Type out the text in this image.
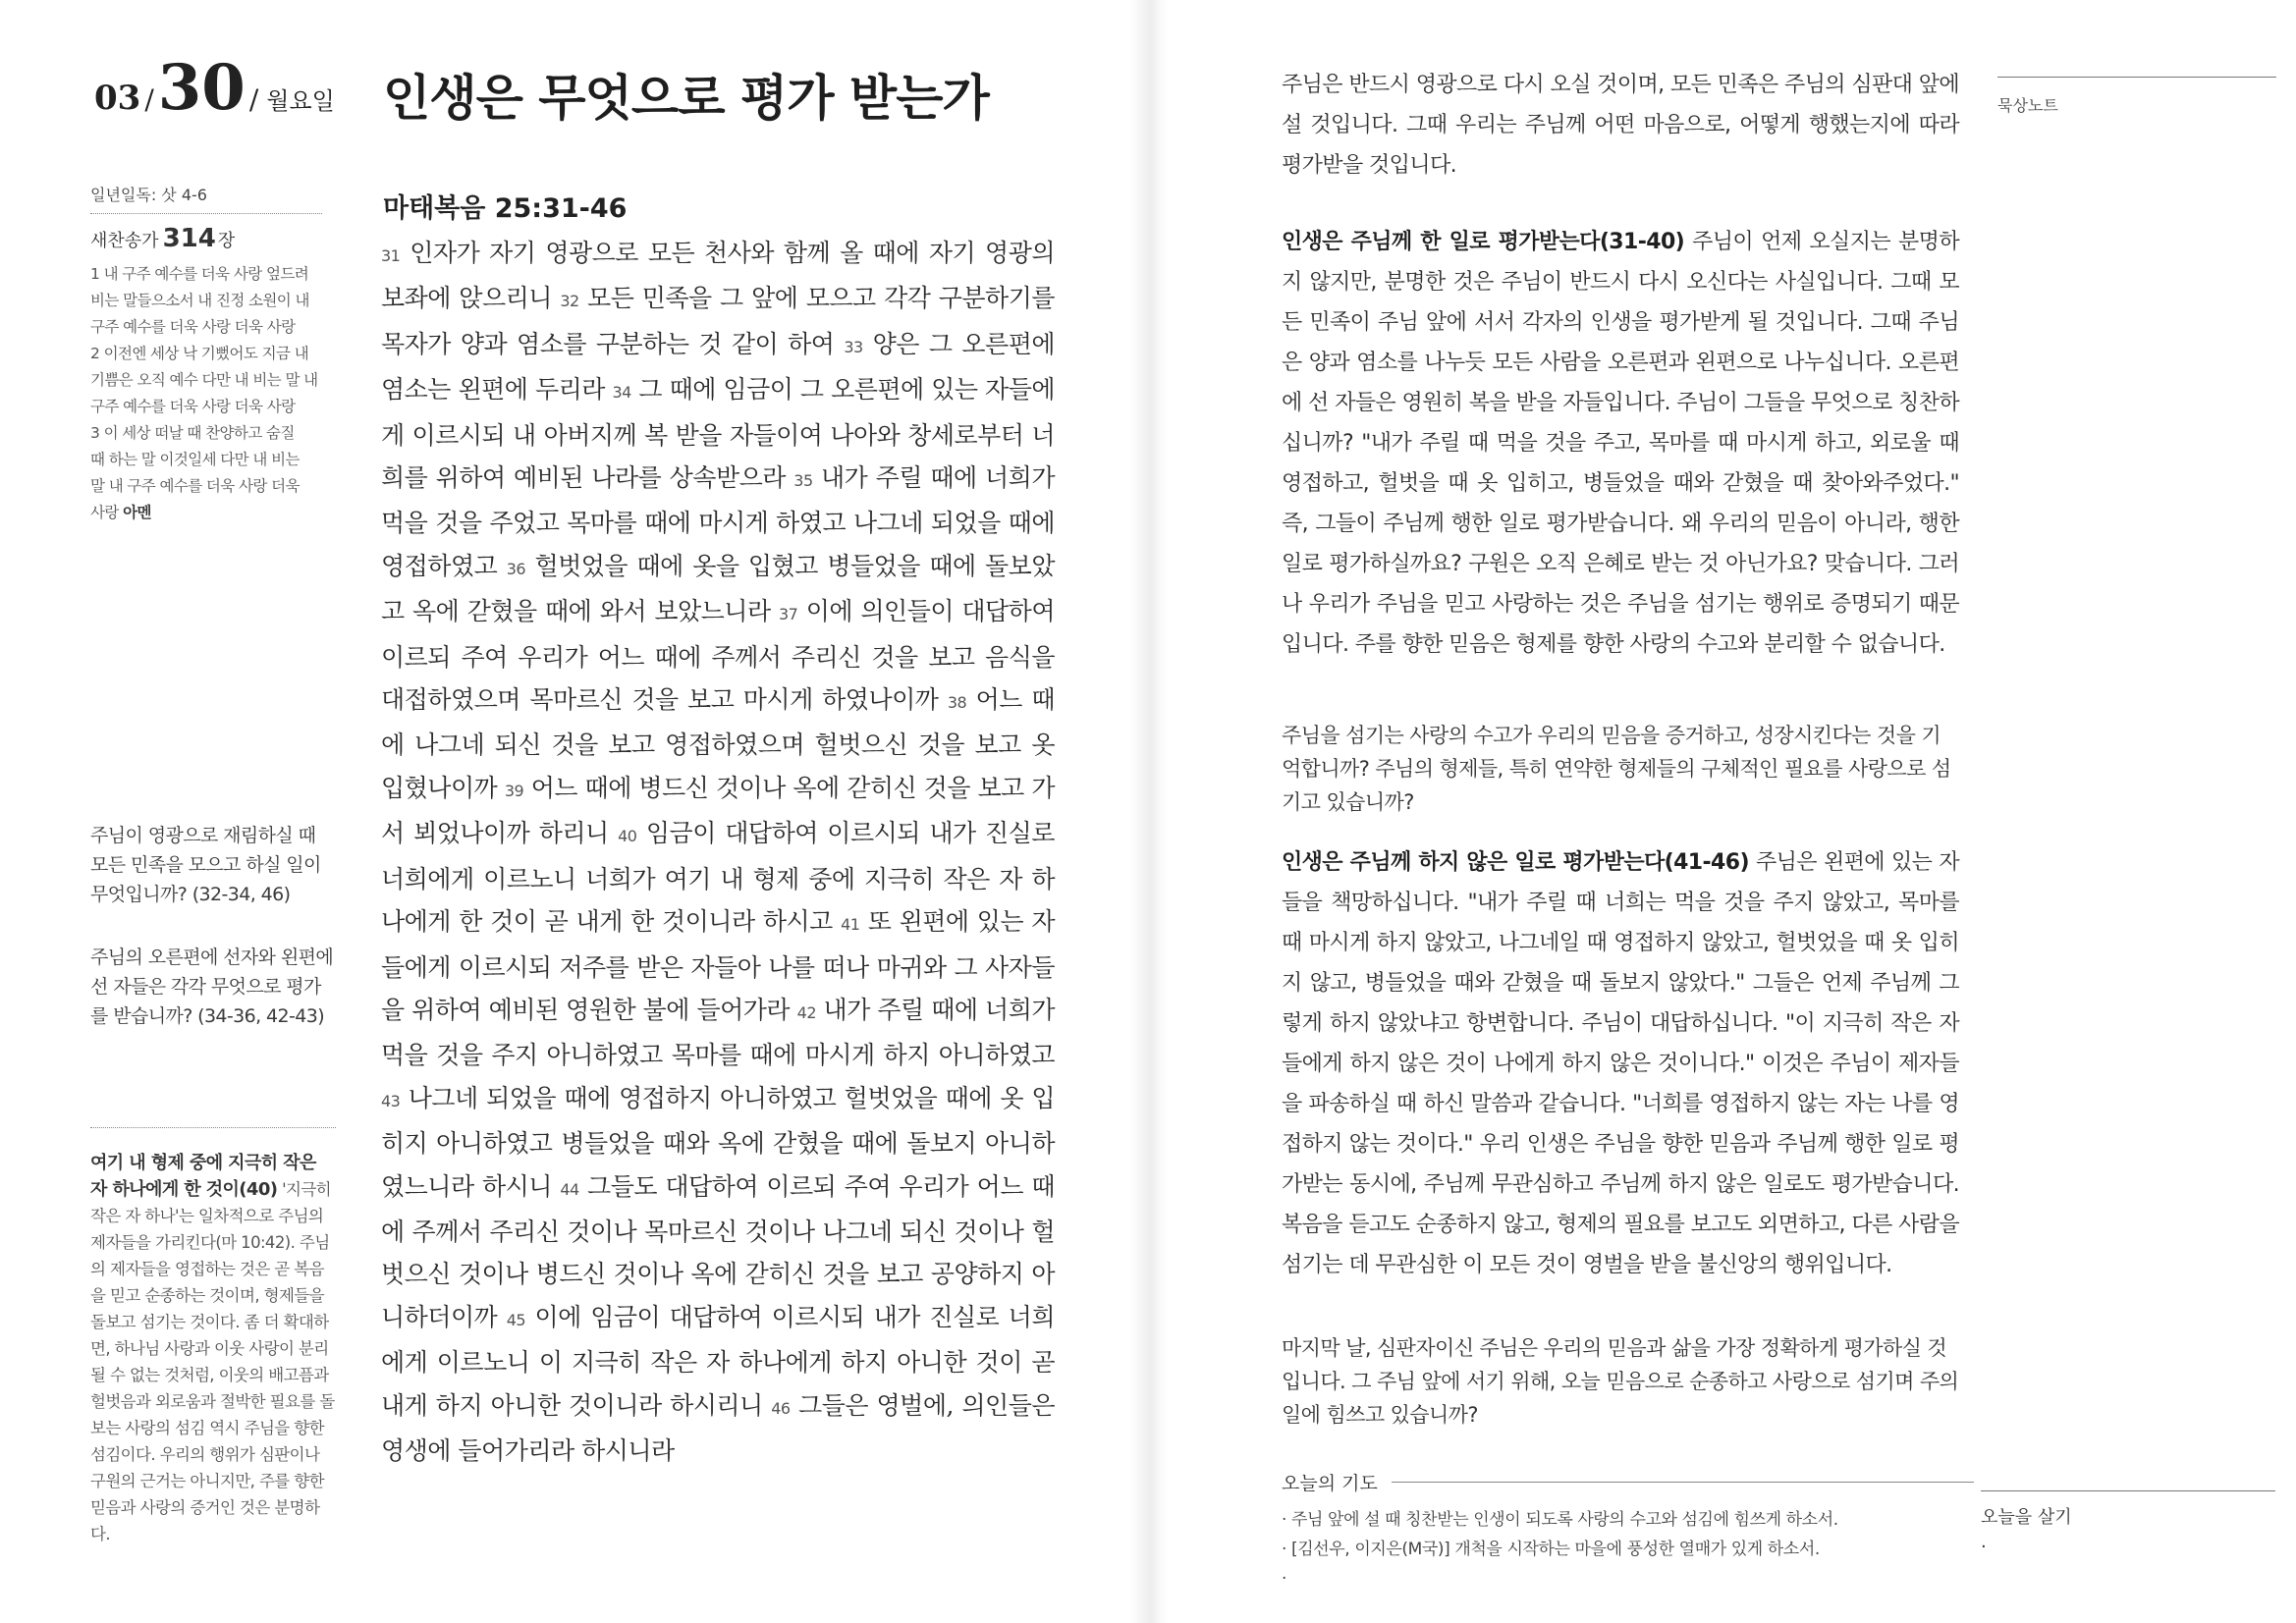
03 / 30 / 월요일 인생은 무엇으로 평가 받는가
일년일독: 삿 4-6
새찬송가 314 장
1 내 구주 예수를 더욱 사랑 엎드려
비는 말들으소서 내 진정 소원이 내
구주 예수를 더욱 사랑 더욱 사랑
2 이전엔 세상 낙 기뻤어도 지금 내
기쁨은 오직 예수 다만 내 비는 말 내
구주 예수를 더욱 사랑 더욱 사랑
3 이 세상 떠날 때 찬양하고 숨질
때 하는 말 이것일세 다만 내 비는
말 내 구주 예수를 더욱 사랑 더욱
사랑 아멘
주님이 영광으로 재림하실 때 모든 민족을 모으고 하실 일이 무엇입니까? (32-34, 46)
주님의 오른편에 선자와 왼편에 선 자들은 각각 무엇으로 평가를 받습니까? (34-36, 42-43)
여기 내 형제 중에 지극히 작은 자 하나에게 한 것이(40) '지극히 작은 자 하나'는 일차적으로 주님의 제자들을 가리킨다(마 10:42). 주님의 제자들을 영접하는 것은 곧 복음을 믿고 순종하는 것이며, 형제들을 돌보고 섬기는 것이다. 좀 더 확대하면, 하나님 사랑과 이웃 사랑이 분리될 수 없는 것처럼, 이웃의 배고픔과 헐벗음과 외로움과 절박한 필요를 돌보는 사랑의 섬김 역시 주님을 향한 섬김이다. 우리의 행위가 심판이나 구원의 근거는 아니지만, 주를 향한 믿음과 사랑의 증거인 것은 분명하다.
마태복음 25:31-46

31 인자가 자기 영광으로 모든 천사와 함께 올 때에 자기 영광의 보좌에 앉으리니 32 모든 민족을 그 앞에 모으고 각각 구분하기를 목자가 양과 염소를 구분하는 것 같이 하여 33 양은 그 오른편에 염소는 왼편에 두리라 34 그 때에 임금이 그 오른편에 있는 자들에게 이르시되 내 아버지께 복 받을 자들이여 나아와 창세로부터 너희를 위하여 예비된 나라를 상속받으라 35 내가 주릴 때에 너희가 먹을 것을 주었고 목마를 때에 마시게 하였고 나그네 되었을 때에 영접하였고 36 헐벗었을 때에 옷을 입혔고 병들었을 때에 돌보았고 옥에 갇혔을 때에 와서 보았느니라 37 이에 의인들이 대답하여 이르되 주여 우리가 어느 때에 주께서 주리신 것을 보고 음식을 대접하였으며 목마르신 것을 보고 마시게 하였나이까 38 어느 때에 나그네 되신 것을 보고 영접하였으며 헐벗으신 것을 보고 옷 입혔나이까 39 어느 때에 병드신 것이나 옥에 갇히신 것을 보고 가서 뵈었나이까 하리니 40 임금이 대답하여 이르시되 내가 진실로 너희에게 이르노니 너희가 여기 내 형제 중에 지극히 작은 자 하나에게 한 것이 곧 내게 한 것이니라 하시고 41 또 왼편에 있는 자들에게 이르시되 저주를 받은 자들아 나를 떠나 마귀와 그 사자들을 위하여 예비된 영원한 불에 들어가라 42 내가 주릴 때에 너희가 먹을 것을 주지 아니하였고 목마를 때에 마시게 하지 아니하였고 43 나그네 되었을 때에 영접하지 아니하였고 헐벗었을 때에 옷 입히지 아니하였고 병들었을 때와 옥에 갇혔을 때에 돌보지 아니하였느니라 하시니 44 그들도 대답하여 이르되 주여 우리가 어느 때에 주께서 주리신 것이나 목마르신 것이나 나그네 되신 것이나 헐벗으신 것이나 병드신 것이나 옥에 갇히신 것을 보고 공양하지 아니하더이까 45 이에 임금이 대답하여 이르시되 내가 진실로 너희에게 이르노니 이 지극히 작은 자 하나에게 하지 아니한 것이 곧 내게 하지 아니한 것이니라 하시리니 46 그들은 영벌에, 의인들은 영생에 들어가리라 하시니라

주님은 반드시 영광으로 다시 오실 것이며, 모든 민족은 주님의 심판대 앞에 설 것입니다. 그때 우리는 주님께 어떤 마음으로, 어떻게 행했는지에 따라 평가받을 것입니다.
인생은 주님께 한 일로 평가받는다(31-40) 주님이 언제 오실지는 분명하지 않지만, 분명한 것은 주님이 반드시 다시 오신다는 사실입니다. 그때 모든 민족이 주님 앞에 서서 각자의 인생을 평가받게 될 것입니다. 그때 주님은 양과 염소를 나누듯 모든 사람을 오른편과 왼편으로 나누십니다. 오른편에 선 자들은 영원히 복을 받을 자들입니다. 주님이 그들을 무엇으로 칭찬하십니까? "내가 주릴 때 먹을 것을 주고, 목마를 때 마시게 하고, 외로울 때 영접하고, 헐벗을 때 옷 입히고, 병들었을 때와 갇혔을 때 찾아와주었다." 즉, 그들이 주님께 행한 일로 평가받습니다. 왜 우리의 믿음이 아니라, 행한 일로 평가하실까요? 구원은 오직 은혜로 받는 것 아닌가요? 맞습니다. 그러나 우리가 주님을 믿고 사랑하는 것은 주님을 섬기는 행위로 증명되기 때문입니다. 주를 향한 믿음은 형제를 향한 사랑의 수고와 분리할 수 없습니다.
주님을 섬기는 사랑의 수고가 우리의 믿음을 증거하고, 성장시킨다는 것을 기억합니까? 주님의 형제들, 특히 연약한 형제들의 구체적인 필요를 사랑으로 섬기고 있습니까?
인생은 주님께 하지 않은 일로 평가받는다(41-46) 주님은 왼편에 있는 자들을 책망하십니다. "내가 주릴 때 너희는 먹을 것을 주지 않았고, 목마를 때 마시게 하지 않았고, 나그네일 때 영접하지 않았고, 헐벗었을 때 옷 입히지 않고, 병들었을 때와 갇혔을 때 돌보지 않았다." 그들은 언제 주님께 그렇게 하지 않았냐고 항변합니다. 주님이 대답하십니다. "이 지극히 작은 자들에게 하지 않은 것이 나에게 하지 않은 것이니다." 이것은 주님이 제자들을 파송하실 때 하신 말씀과 같습니다. "너희를 영접하지 않는 자는 나를 영접하지 않는 것이다." 우리 인생은 주님을 향한 믿음과 주님께 행한 일로 평가받는 동시에, 주님께 무관심하고 주님께 하지 않은 일로도 평가받습니다. 복음을 듣고도 순종하지 않고, 형제의 필요를 보고도 외면하고, 다른 사람을 섬기는 데 무관심한 이 모든 것이 영벌을 받을 불신앙의 행위입니다.
마지막 날, 심판자이신 주님은 우리의 믿음과 삶을 가장 정확하게 평가하실 것입니다. 그 주님 앞에 서기 위해, 오늘 믿음으로 순종하고 사랑으로 섬기며 주의 일에 힘쓰고 있습니까?
묵상노트
오늘의 기도
· 주님 앞에 설 때 칭찬받는 인생이 되도록 사랑의 수고와 섬김에 힘쓰게 하소서.
· [김선우, 이지은(M국)] 개척을 시작하는 마을에 풍성한 열매가 있게 하소서.
·
오늘을 살기
·
